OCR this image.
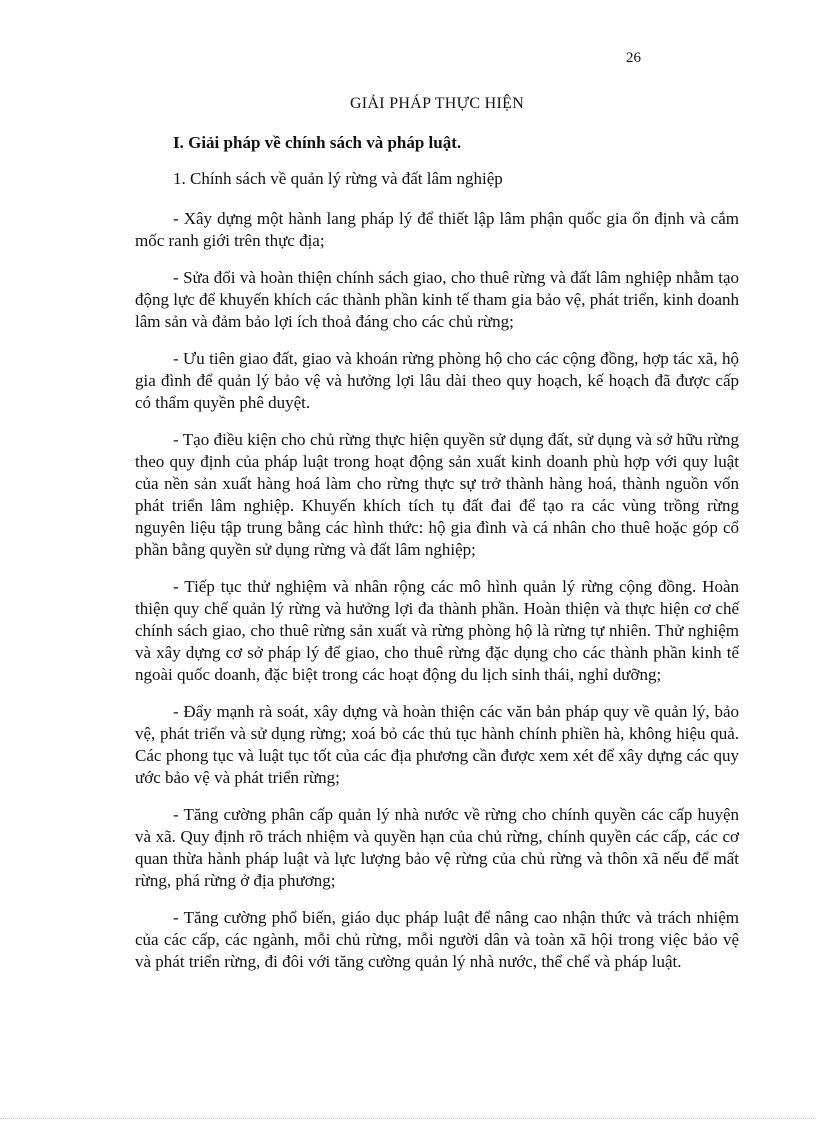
26
GIẢI PHÁP THỰC HIỆN
I. Giải pháp về chính sách và pháp luật.
1. Chính sách về quản lý rừng và đất lâm nghiệp

- Xây dựng một hành lang pháp lý để thiết lập lâm phận quốc gia ổn định và cắm mốc ranh giới trên thực địa;

- Sửa đổi và hoàn thiện chính sách giao, cho thuê rừng và đất lâm nghiệp nhằm tạo động lực để khuyến khích các thành phần kinh tế tham gia bảo vệ, phát triển, kinh doanh lâm sản và đảm bảo lợi ích thoả đáng cho các chủ rừng;

- Ưu tiên giao đất, giao và khoán rừng phòng hộ cho các cộng đồng, hợp tác xã, hộ gia đình để quản lý bảo vệ và hưởng lợi lâu dài theo quy hoạch, kế hoạch đã được cấp có thẩm quyền phê duyệt.

- Tạo điều kiện cho chủ rừng thực hiện quyền sử dụng đất, sử dụng và sở hữu rừng theo quy định của pháp luật trong hoạt động sản xuất kinh doanh phù hợp với quy luật của nền sản xuất hàng hoá làm cho rừng thực sự trở thành hàng hoá, thành nguồn vốn phát triển lâm nghiệp. Khuyến khích tích tụ đất đai để tạo ra các vùng trồng rừng nguyên liệu tập trung bằng các hình thức: hộ gia đình và cá nhân cho thuê hoặc góp cổ phần bằng quyền sử dụng rừng và đất lâm nghiệp;

- Tiếp tục thử nghiệm và nhân rộng các mô hình quản lý rừng cộng đồng. Hoàn thiện quy chế quản lý rừng và hưởng lợi đa thành phần. Hoàn thiện và thực hiện cơ chế chính sách giao, cho thuê rừng sản xuất và rừng phòng hộ là rừng tự nhiên. Thử nghiệm và xây dựng cơ sở pháp lý để giao, cho thuê rừng đặc dụng cho các thành phần kinh tế ngoài quốc doanh, đặc biệt trong các hoạt động du lịch sinh thái, nghỉ dưỡng;

- Đẩy mạnh rà soát, xây dựng và hoàn thiện các văn bản pháp quy về quản lý, bảo vệ, phát triển và sử dụng rừng; xoá bỏ các thủ tục hành chính phiền hà, không hiệu quả. Các phong tục và luật tục tốt của các địa phương cần được xem xét để xây dựng các quy ước bảo vệ và phát triển rừng;

- Tăng cường phân cấp quản lý nhà nước về rừng cho chính quyền các cấp huyện và xã. Quy định rõ trách nhiệm và quyền hạn của chủ rừng, chính quyền các cấp, các cơ quan thừa hành pháp luật và lực lượng bảo vệ rừng của chủ rừng và thôn xã nếu để mất rừng, phá rừng ở địa phương;

- Tăng cường phổ biến, giáo dục pháp luật để nâng cao nhận thức và trách nhiệm của các cấp, các ngành, mỗi chủ rừng, mỗi người dân và toàn xã hội trong việc bảo vệ và phát triển rừng, đi đôi với tăng cường quản lý nhà nước, thể chế và pháp luật.
